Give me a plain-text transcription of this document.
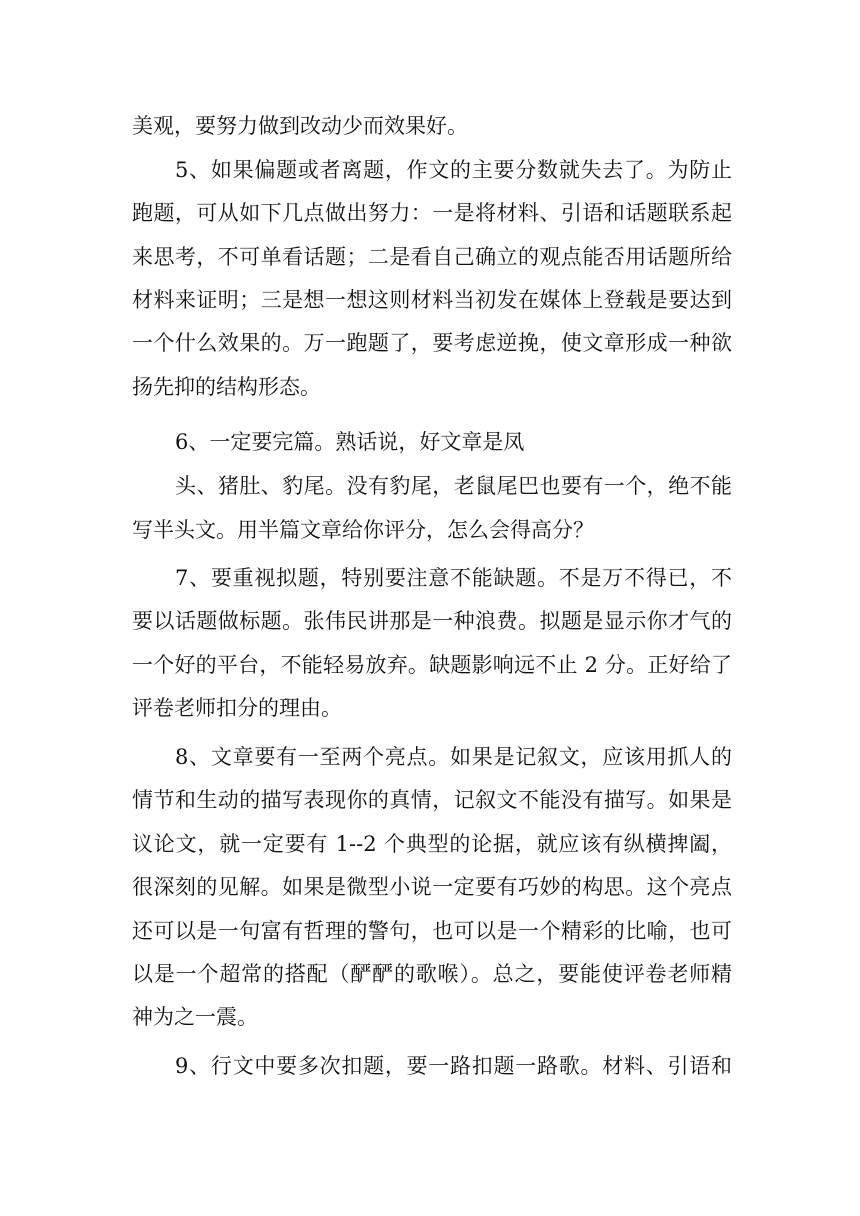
美观，要努力做到改动少而效果好。
5、如果偏题或者离题，作文的主要分数就失去了。为防止
跑题，可从如下几点做出努力：一是将材料、引语和话题联系起
来思考，不可单看话题；二是看自己确立的观点能否用话题所给
材料来证明；三是想一想这则材料当初发在媒体上登载是要达到
一个什么效果的。万一跑题了，要考虑逆挽，使文章形成一种欲
扬先抑的结构形态。
6、一定要完篇。熟话说，好文章是凤
头、猪肚、豹尾。没有豹尾，老鼠尾巴也要有一个，绝不能
写半头文。用半篇文章给你评分，怎么会得高分？
7、要重视拟题，特别要注意不能缺题。不是万不得已，不
要以话题做标题。张伟民讲那是一种浪费。拟题是显示你才气的
一个好的平台，不能轻易放弃。缺题影响远不止 2 分。正好给了
评卷老师扣分的理由。
8、文章要有一至两个亮点。如果是记叙文，应该用抓人的
情节和生动的描写表现你的真情，记叙文不能没有描写。如果是
议论文，就一定要有 1--2 个典型的论据，就应该有纵横捭阖，
很深刻的见解。如果是微型小说一定要有巧妙的构思。这个亮点
还可以是一句富有哲理的警句，也可以是一个精彩的比喻，也可
以是一个超常的搭配（酽酽的歌喉）。总之，要能使评卷老师精
神为之一震。
9、行文中要多次扣题，要一路扣题一路歌。材料、引语和
